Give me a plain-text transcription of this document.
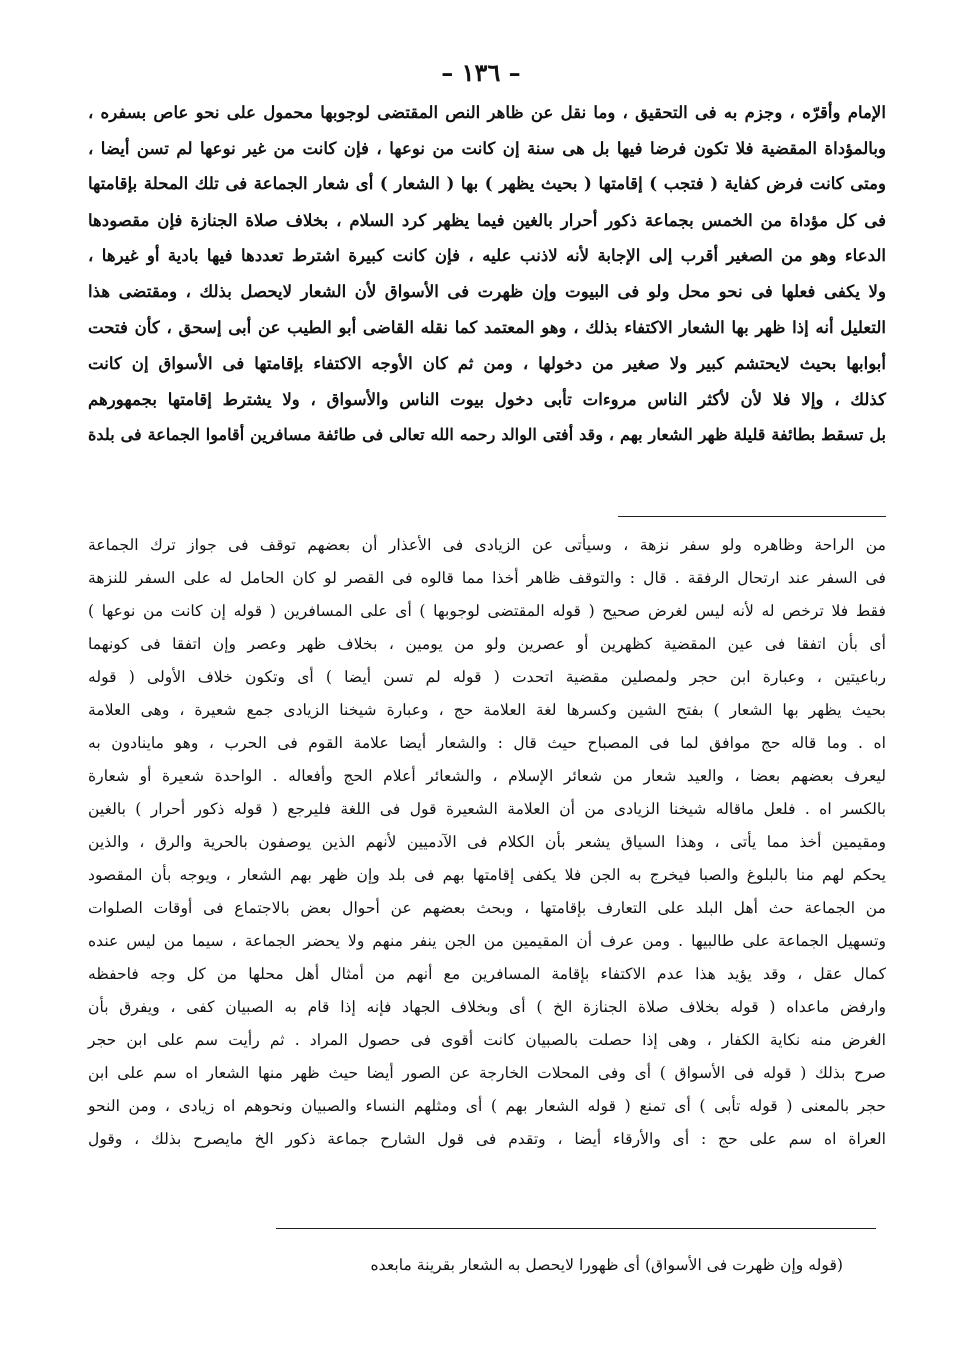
– ١٣٦ –
الإمام وأقرّه ، وجزم به فى التحقيق ، وما نقل عن ظاهر النص المقتضى لوجوبها محمول على نحو عاص بسفره ،
وبالمؤداة المقضية فلا تكون فرضا فيها بل هى سنة إن كانت من نوعها ، فإن كانت من غير نوعها لم تسن أيضا ،
ومتى كانت فرض كفاية ( فتجب ) إقامتها ( بحيث يظهر ) بها ( الشعار ) أى شعار الجماعة فى تلك المحلة بإقامتها
فى كل مؤداة من الخمس بجماعة ذكور أحرار بالغين فيما يظهر كرد السلام ، بخلاف صلاة الجنازة فإن مقصودها
الدعاء وهو من الصغير أقرب إلى الإجابة لأنه لاذنب عليه ، فإن كانت كبيرة اشترط تعددها فيها بادية أو غيرها ،
ولا يكفى فعلها فى نحو محل ولو فى البيوت وإن ظهرت فى الأسواق لأن الشعار لايحصل بذلك ، ومقتضى هذا
التعليل أنه إذا ظهر بها الشعار الاكتفاء بذلك ، وهو المعتمد كما نقله القاضى أبو الطيب عن أبى إسحق ، كأن فتحت
أبوابها بحيث لايحتشم كبير ولا صغير من دخولها ، ومن ثم كان الأوجه الاكتفاء بإقامتها فى الأسواق إن كانت
كذلك ، وإلا فلا لأن لأكثر الناس مروءات تأبى دخول بيوت الناس والأسواق ، ولا يشترط إقامتها بجمهورهم
بل تسقط بطائفة قليلة ظهر الشعار بهم ، وقد أفتى الوالد رحمه الله تعالى فى طائفة مسافرين أقاموا الجماعة فى بلدة
من الراحة وظاهره ولو سفر نزهة ، وسيأتى عن الزيادى فى الأعذار أن بعضهم توقف فى جواز ترك الجماعة
فى السفر عند ارتحال الرفقة . قال : والتوقف ظاهر أخذا مما قالوه فى القصر لو كان الحامل له على السفر للنزهة
فقط فلا ترخص له لأنه ليس لغرض صحيح ( قوله المقتضى لوجوبها ) أى على المسافرين ( قوله إن كانت من نوعها )
أى بأن اتفقا فى عين المقضية كظهرين أو عصرين ولو من يومين ، بخلاف ظهر وعصر وإن اتفقا فى كونهما
رباعيتين ، وعبارة ابن حجر ولمصلين مقضية اتحدت ( قوله لم تسن أيضا ) أى وتكون خلاف الأولى ( قوله
بحيث يظهر بها الشعار ) بفتح الشين وكسرها لغة العلامة حج ، وعبارة شيخنا الزيادى جمع شعيرة ، وهى العلامة
اه . وما قاله حج موافق لما فى المصباح حيث قال : والشعار أيضا علامة القوم فى الحرب ، وهو ماينادون به
ليعرف بعضهم بعضا ، والعيد شعار من شعائر الإسلام ، والشعائر أعلام الحج وأفعاله . الواحدة شعيرة أو شعارة
بالكسر اه . فلعل ماقاله شيخنا الزيادى من أن العلامة الشعيرة قول فى اللغة فليرجع ( قوله ذكور أحرار ) بالغين
ومقيمين أخذ مما يأتى ، وهذا السياق يشعر بأن الكلام فى الآدميين لأنهم الذين يوصفون بالحرية والرق ، والذين
يحكم لهم منا بالبلوغ والصبا فيخرج به الجن فلا يكفى إقامتها بهم فى بلد وإن ظهر بهم الشعار ، ويوجه بأن المقصود
من الجماعة حث أهل البلد على التعارف بإقامتها ، وبحث بعضهم عن أحوال بعض بالاجتماع فى أوقات الصلوات
وتسهيل الجماعة على طالبيها . ومن عرف أن المقيمين من الجن ينفر منهم ولا يحضر الجماعة ، سيما من ليس عنده
كمال عقل ، وقد يؤيد هذا عدم الاكتفاء بإقامة المسافرين مع أنهم من أمثال أهل محلها من كل وجه فاحفظه
وارفض ماعداه ( قوله بخلاف صلاة الجنازة الخ ) أى وبخلاف الجهاد فإنه إذا قام به الصبيان كفى ، ويفرق بأن
الغرض منه نكاية الكفار ، وهى إذا حصلت بالصبيان كانت أقوى فى حصول المراد . ثم رأيت سم على ابن حجر
صرح بذلك ( قوله فى الأسواق ) أى وفى المحلات الخارجة عن الصور أيضا حيث ظهر منها الشعار اه سم على ابن
حجر بالمعنى ( قوله تأبى ) أى تمنع ( قوله الشعار بهم ) أى ومثلهم النساء والصبيان ونحوهم اه زيادى ، ومن النحو
العراة اه سم على حج : أى والأرقاء أيضا ، وتقدم فى قول الشارح جماعة ذكور الخ مايصرح بذلك ، وقول
(قوله وإن ظهرت فى الأسواق) أى ظهورا لايحصل به الشعار بقرينة مابعده
